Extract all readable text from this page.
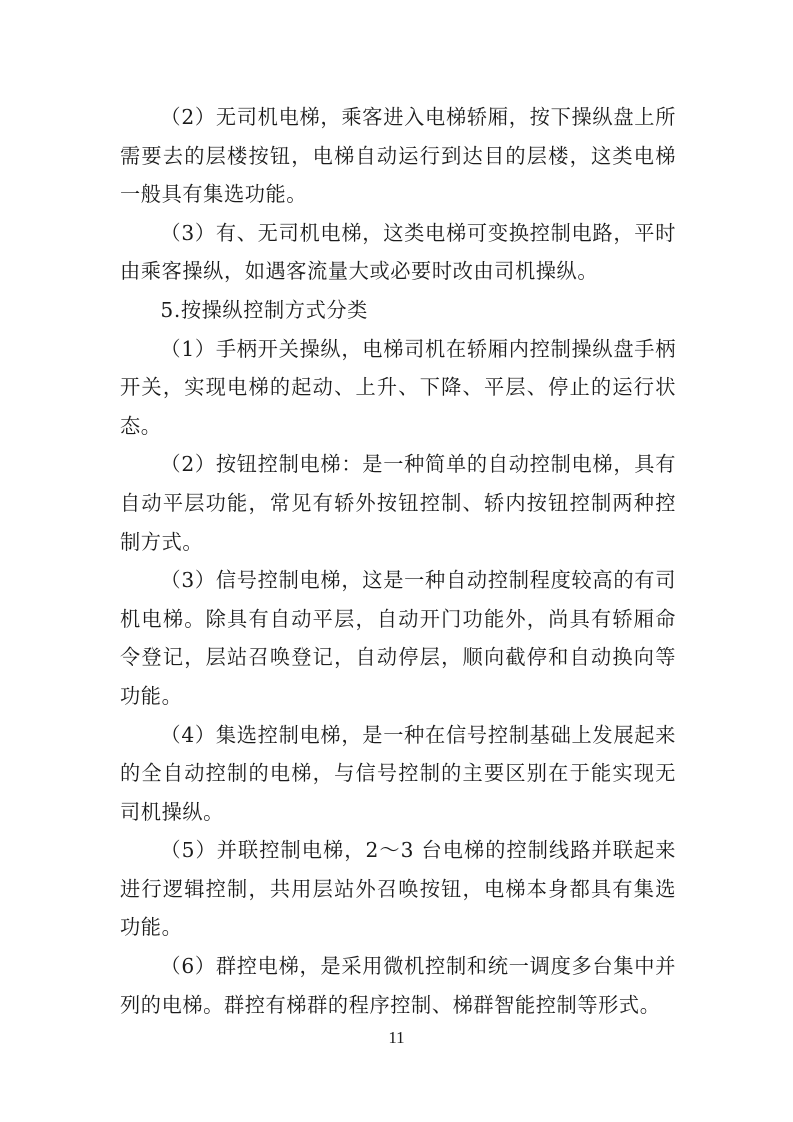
（2）无司机电梯，乘客进入电梯轿厢，按下操纵盘上所需要去的层楼按钮，电梯自动运行到达目的层楼，这类电梯一般具有集选功能。

（3）有、无司机电梯，这类电梯可变换控制电路，平时由乘客操纵，如遇客流量大或必要时改由司机操纵。

5.按操纵控制方式分类

（1）手柄开关操纵，电梯司机在轿厢内控制操纵盘手柄开关，实现电梯的起动、上升、下降、平层、停止的运行状态。

（2）按钮控制电梯：是一种简单的自动控制电梯，具有自动平层功能，常见有轿外按钮控制、轿内按钮控制两种控制方式。

（3）信号控制电梯，这是一种自动控制程度较高的有司机电梯。除具有自动平层，自动开门功能外，尚具有轿厢命令登记，层站召唤登记，自动停层，顺向截停和自动换向等功能。

（4）集选控制电梯，是一种在信号控制基础上发展起来的全自动控制的电梯，与信号控制的主要区别在于能实现无司机操纵。

（5）并联控制电梯，2～3 台电梯的控制线路并联起来进行逻辑控制，共用层站外召唤按钮，电梯本身都具有集选功能。

（6）群控电梯，是采用微机控制和统一调度多台集中并列的电梯。群控有梯群的程序控制、梯群智能控制等形式。

11
